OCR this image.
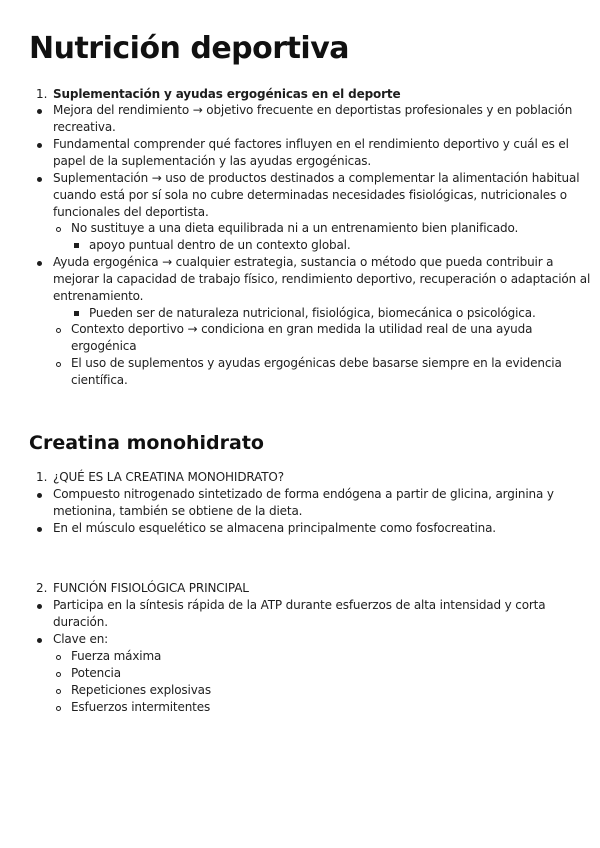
Nutrición deportiva
1. Suplementación y ayudas ergogénicas en el deporte

Mejora del rendimiento → objetivo frecuente en deportistas profesionales y en población

recreativa.

Fundamental comprender qué factores influyen en el rendimiento deportivo y cuál es el

papel de la suplementación y las ayudas ergogénicas.

Suplementación → uso de productos destinados a complementar la alimentación habitual

cuando está por sí sola no cubre determinadas necesidades fisiológicas, nutricionales o

funcionales del deportista.

No sustituye a una dieta equilibrada ni a un entrenamiento bien planificado.

apoyo puntual dentro de un contexto global.

Ayuda ergogénica → cualquier estrategia, sustancia o método que pueda contribuir a

mejorar la capacidad de trabajo físico, rendimiento deportivo, recuperación o adaptación al

entrenamiento.

Pueden ser de naturaleza nutricional, fisiológica, biomecánica o psicológica.

Contexto deportivo → condiciona en gran medida la utilidad real de una ayuda

ergogénica

El uso de suplementos y ayudas ergogénicas debe basarse siempre en la evidencia

científica.

Creatina monohidrato
1. ¿QUÉ ES LA CREATINA MONOHIDRATO?

Compuesto nitrogenado sintetizado de forma endógena a partir de glicina, arginina y

metionina, también se obtiene de la dieta.

En el músculo esquelético se almacena principalmente como fosfocreatina.

2. FUNCIÓN FISIOLÓGICA PRINCIPAL

Participa en la síntesis rápida de la ATP durante esfuerzos de alta intensidad y corta

duración.

Clave en:

Fuerza máxima

Potencia

Repeticiones explosivas

Esfuerzos intermitentes
